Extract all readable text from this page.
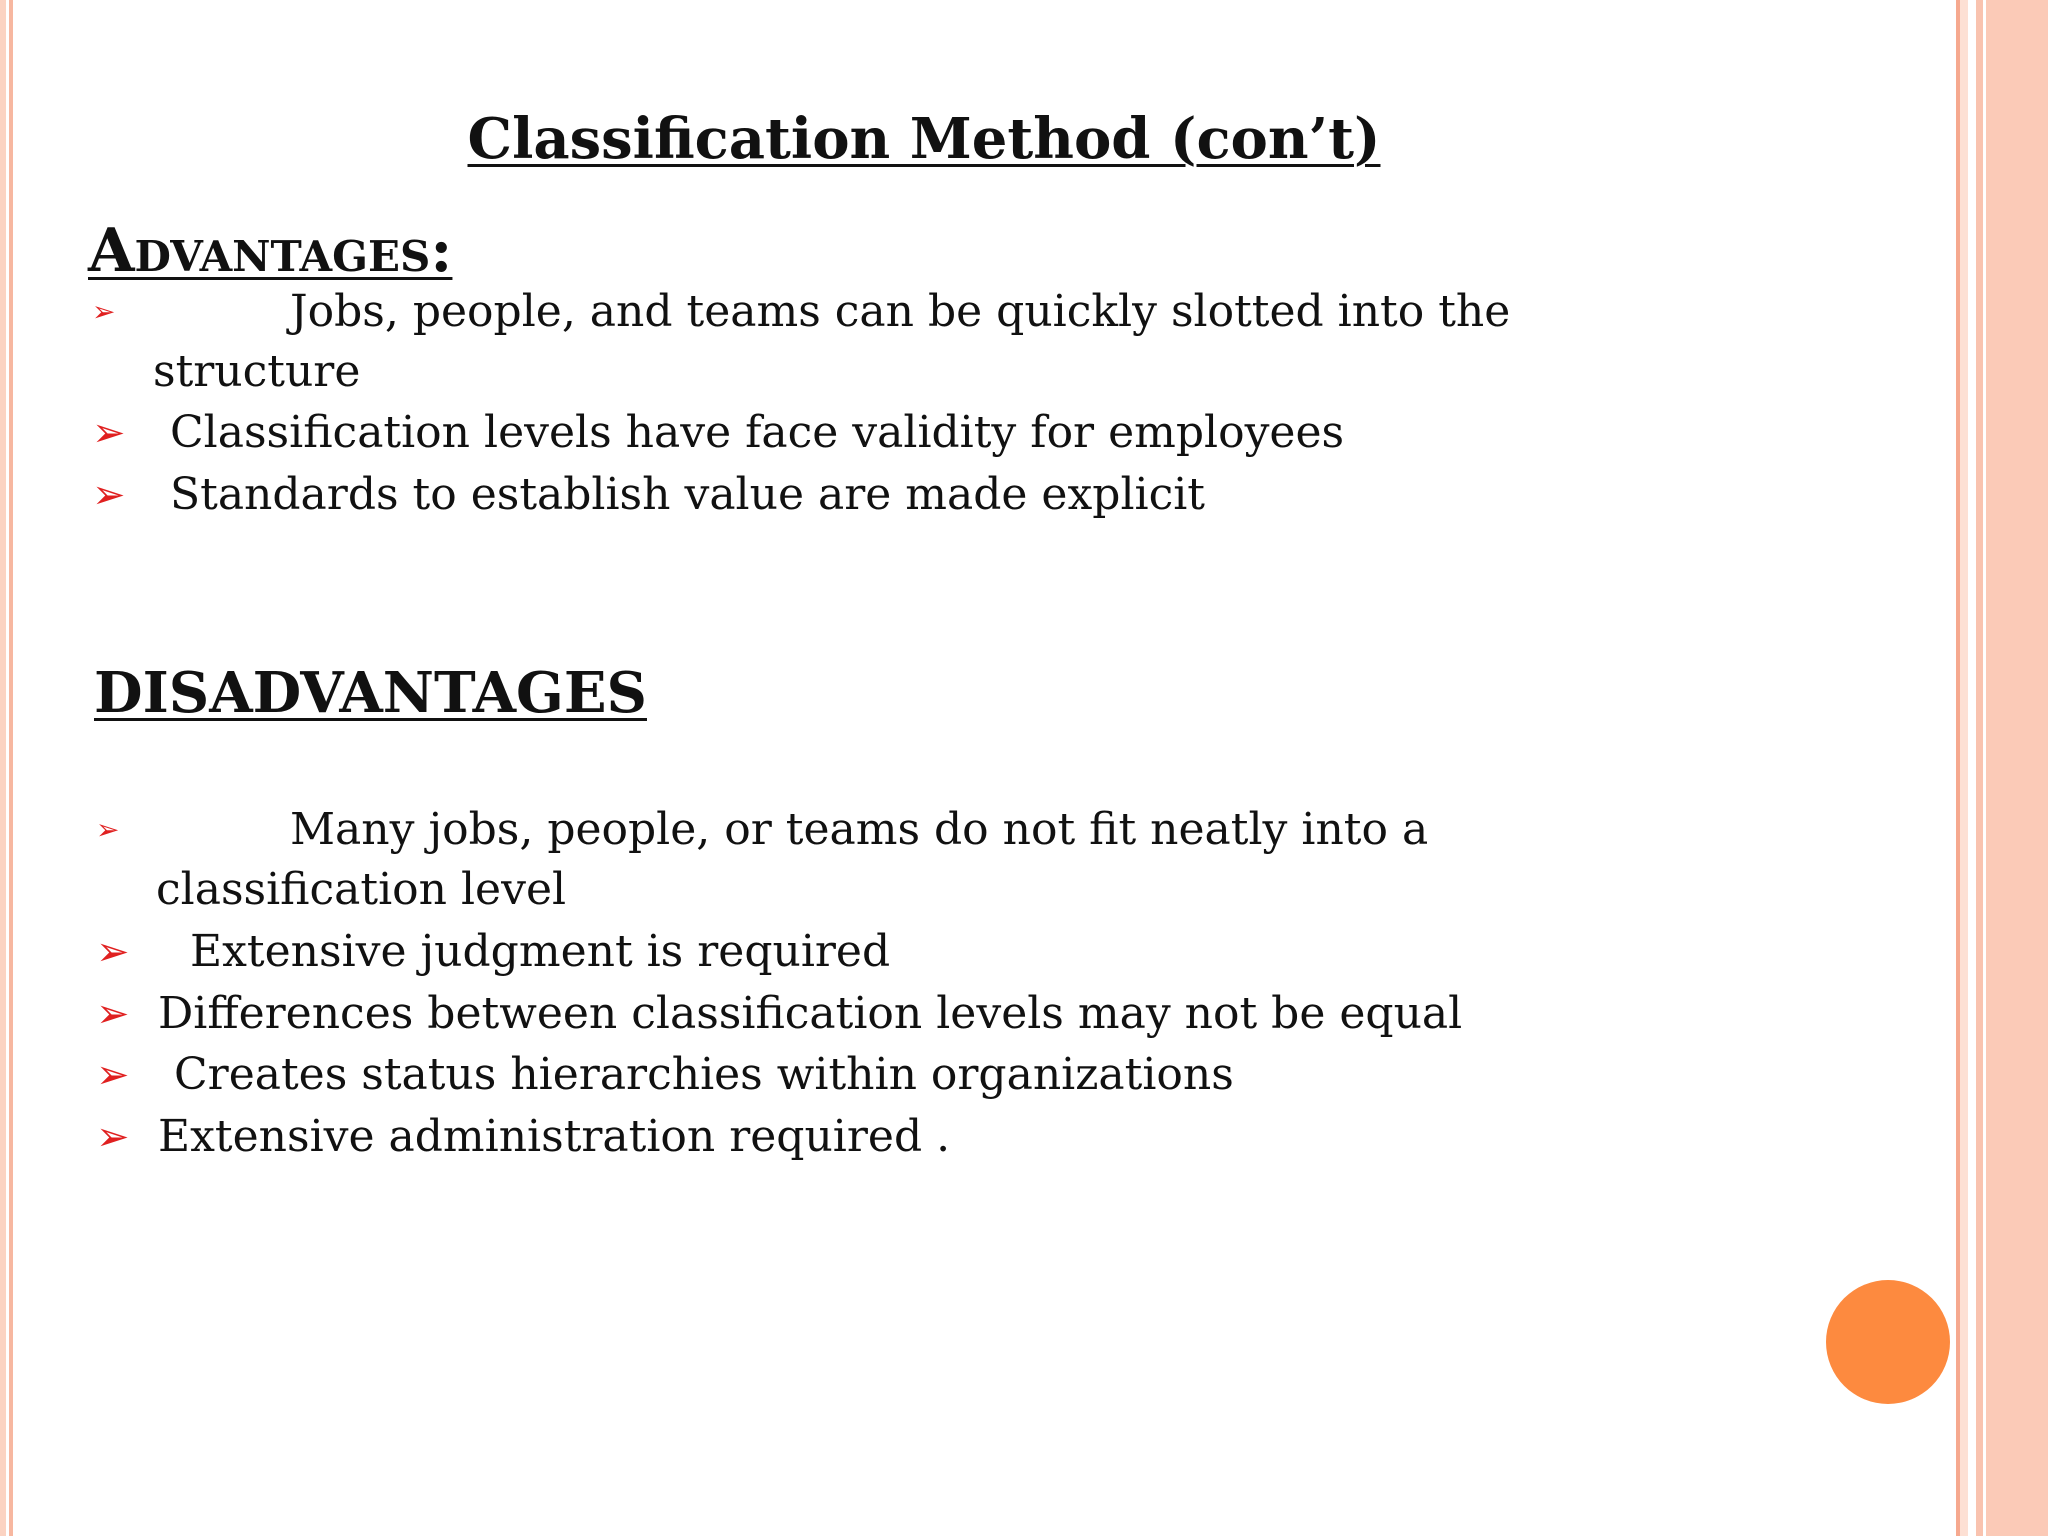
Classification Method (con’t)
Advantages:
➢	Jobs, people, and teams can be quickly slotted into the
structure
➢ Classification levels have face validity for employees
➢ Standards to establish value are made explicit
DISADVANTAGES
➢	Many jobs, people, or teams do not fit neatly into a
classification level
➢ Extensive judgment is required
➢ Differences between classification levels may not be equal
➢ Creates status hierarchies within organizations
➢ Extensive administration required .
